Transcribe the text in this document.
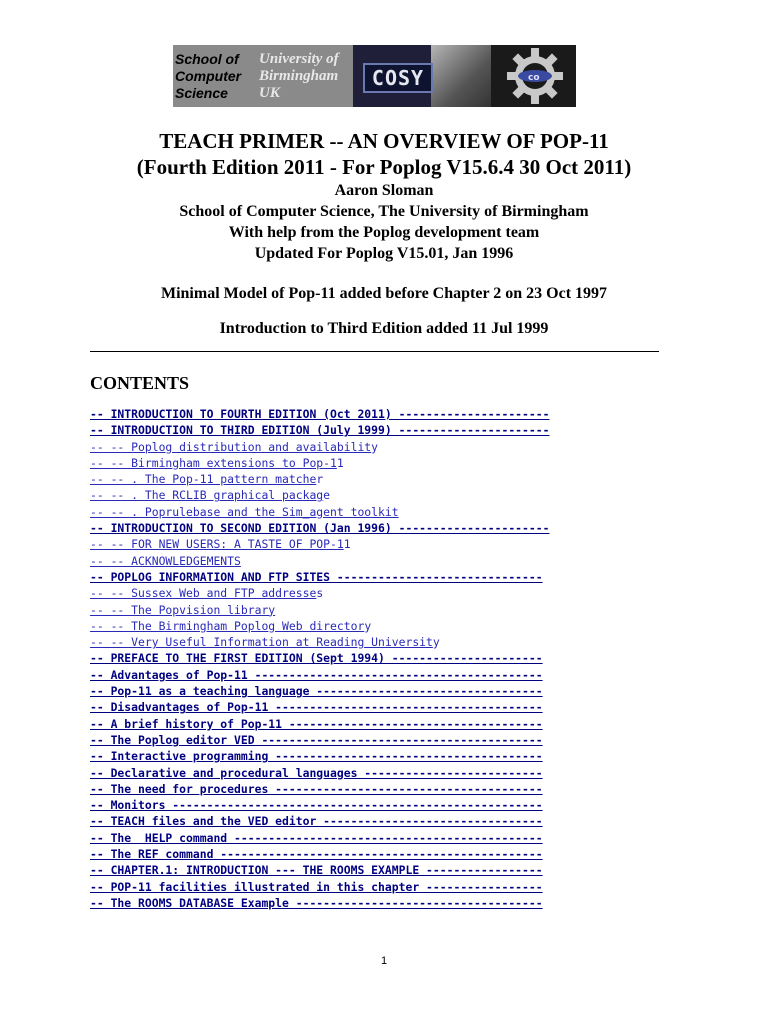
School of
Computer
Science
University of
Birmingham
UK
COSY	co
TEACH PRIMER -- AN OVERVIEW OF POP-11
(Fourth Edition 2011 - For Poplog V15.6.4 30 Oct 2011)
Aaron Sloman
School of Computer Science, The University of Birmingham
With help from the Poplog development team
Updated For Poplog V15.01, Jan 1996
Minimal Model of Pop-11 added before Chapter 2 on 23 Oct 1997
Introduction to Third Edition added 11 Jul 1999
CONTENTS
-- INTRODUCTION TO FOURTH EDITION (Oct 2011) ----------------------
-- INTRODUCTION TO THIRD EDITION (July 1999) ----------------------
-- -- Poplog distribution and availability
-- -- Birmingham extensions to Pop-11
-- -- . The Pop-11 pattern matcher
-- -- . The RCLIB graphical package
-- -- . Poprulebase and the Sim_agent toolkit
-- INTRODUCTION TO SECOND EDITION (Jan 1996) ----------------------
-- -- FOR NEW USERS: A TASTE OF POP-11
-- -- ACKNOWLEDGEMENTS
-- POPLOG INFORMATION AND FTP SITES ------------------------------
-- -- Sussex Web and FTP addresses
-- -- The Popvision library
-- -- The Birmingham Poplog Web directory
-- -- Very Useful Information at Reading University
-- PREFACE TO THE FIRST EDITION (Sept 1994) ----------------------
-- Advantages of Pop-11 ------------------------------------------
-- Pop-11 as a teaching language ---------------------------------
-- Disadvantages of Pop-11 ---------------------------------------
-- A brief history of Pop-11 -------------------------------------
-- The Poplog editor VED -----------------------------------------
-- Interactive programming ---------------------------------------
-- Declarative and procedural languages --------------------------
-- The need for procedures ---------------------------------------
-- Monitors ------------------------------------------------------
-- TEACH files and the VED editor --------------------------------
-- The  HELP command ---------------------------------------------
-- The REF command -----------------------------------------------
-- CHAPTER.1: INTRODUCTION --- THE ROOMS EXAMPLE -----------------
-- POP-11 facilities illustrated in this chapter -----------------
-- The ROOMS DATABASE Example ------------------------------------
1
